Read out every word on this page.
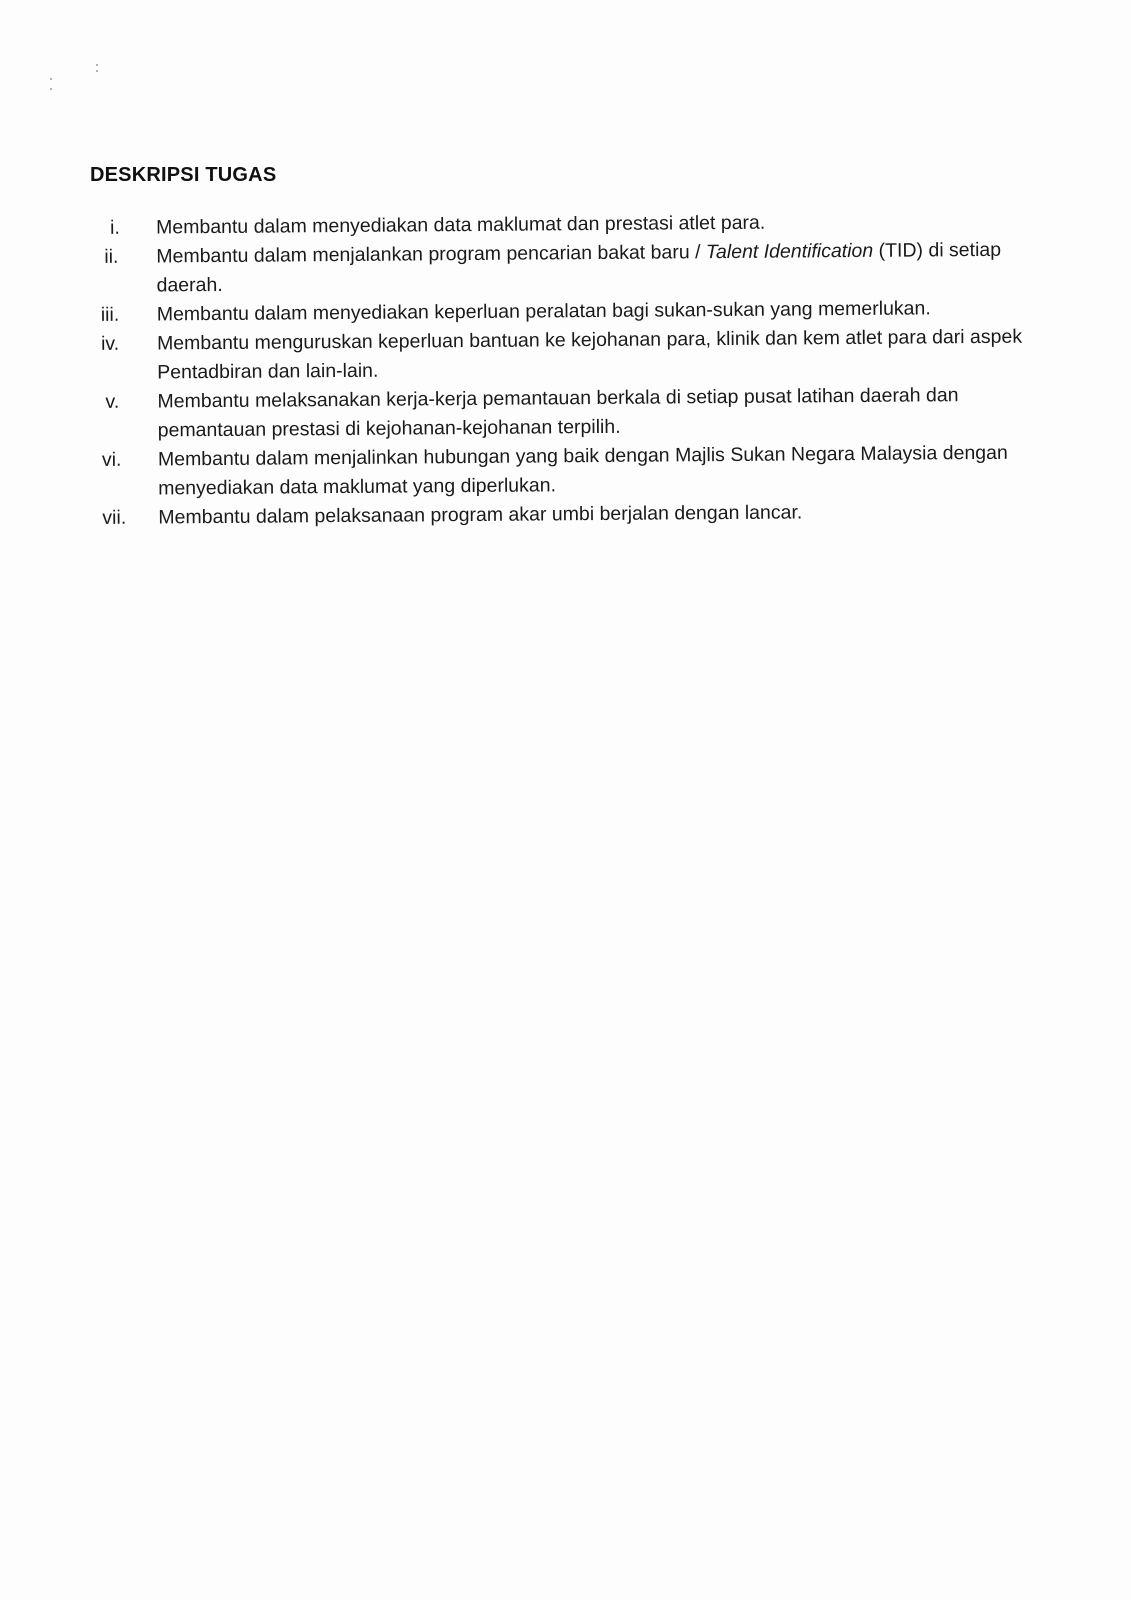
DESKRIPSI TUGAS
i.	Membantu dalam menyediakan data maklumat dan prestasi atlet para.
ii.	Membantu dalam menjalankan program pencarian bakat baru / Talent Identification (TID) di setiap daerah.
iii.	Membantu dalam menyediakan keperluan peralatan bagi sukan-sukan yang memerlukan.
iv.	Membantu menguruskan keperluan bantuan ke kejohanan para, klinik dan kem atlet para dari aspek Pentadbiran dan lain-lain.
v.	Membantu melaksanakan kerja-kerja pemantauan berkala di setiap pusat latihan daerah dan pemantauan prestasi di kejohanan-kejohanan terpilih.
vi.	Membantu dalam menjalinkan hubungan yang baik dengan Majlis Sukan Negara Malaysia dengan menyediakan data maklumat yang diperlukan.
vii.	Membantu dalam pelaksanaan program akar umbi berjalan dengan lancar.
